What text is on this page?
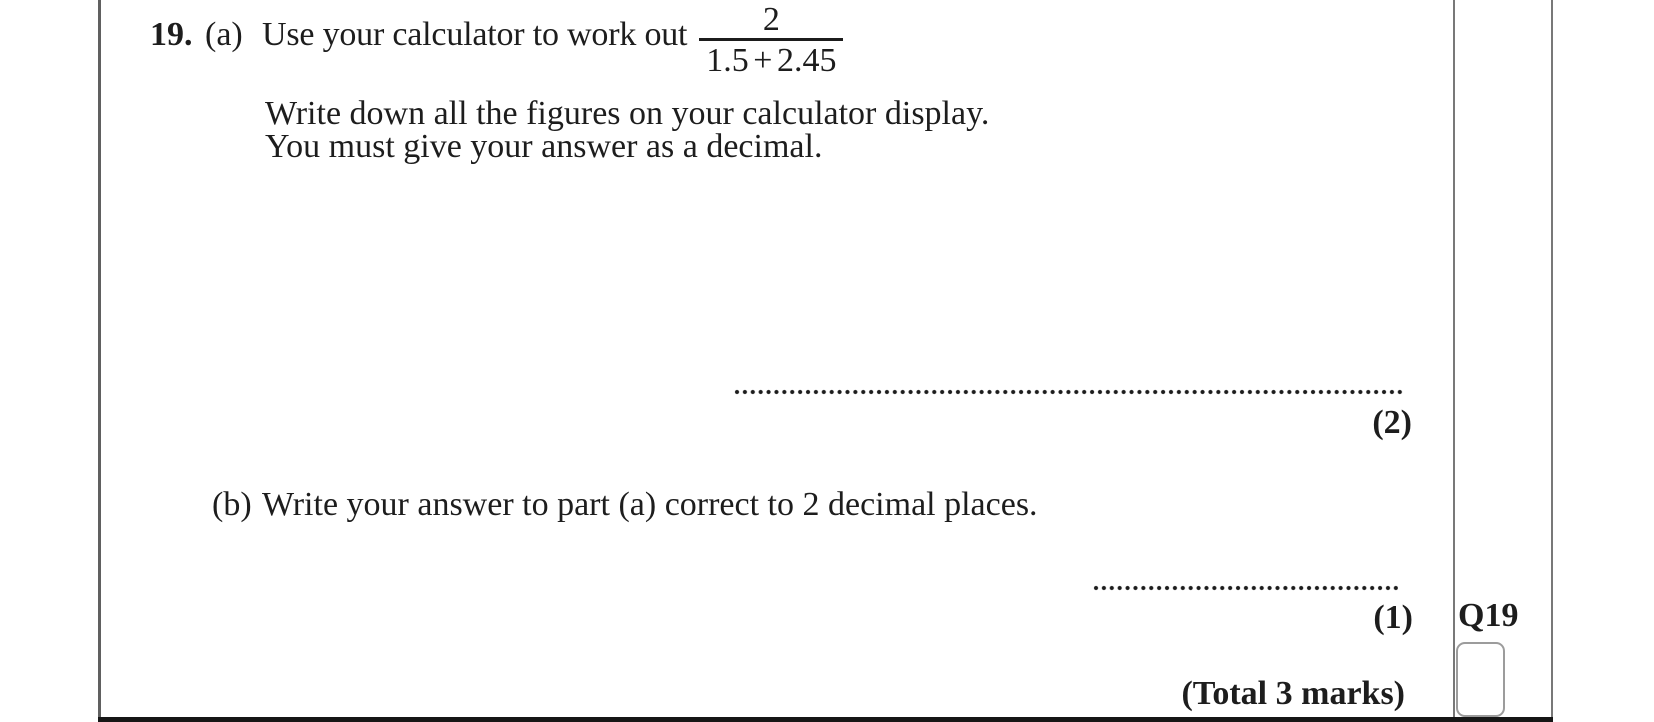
19. (a) Use your calculator to work out $\frac{2}{1.5 + 2.45}$
Write down all the figures on your calculator display.
You must give your answer as a decimal.
(2)
(b) Write your answer to part (a) correct to 2 decimal places.
(1) Q19
(Total 3 marks)
